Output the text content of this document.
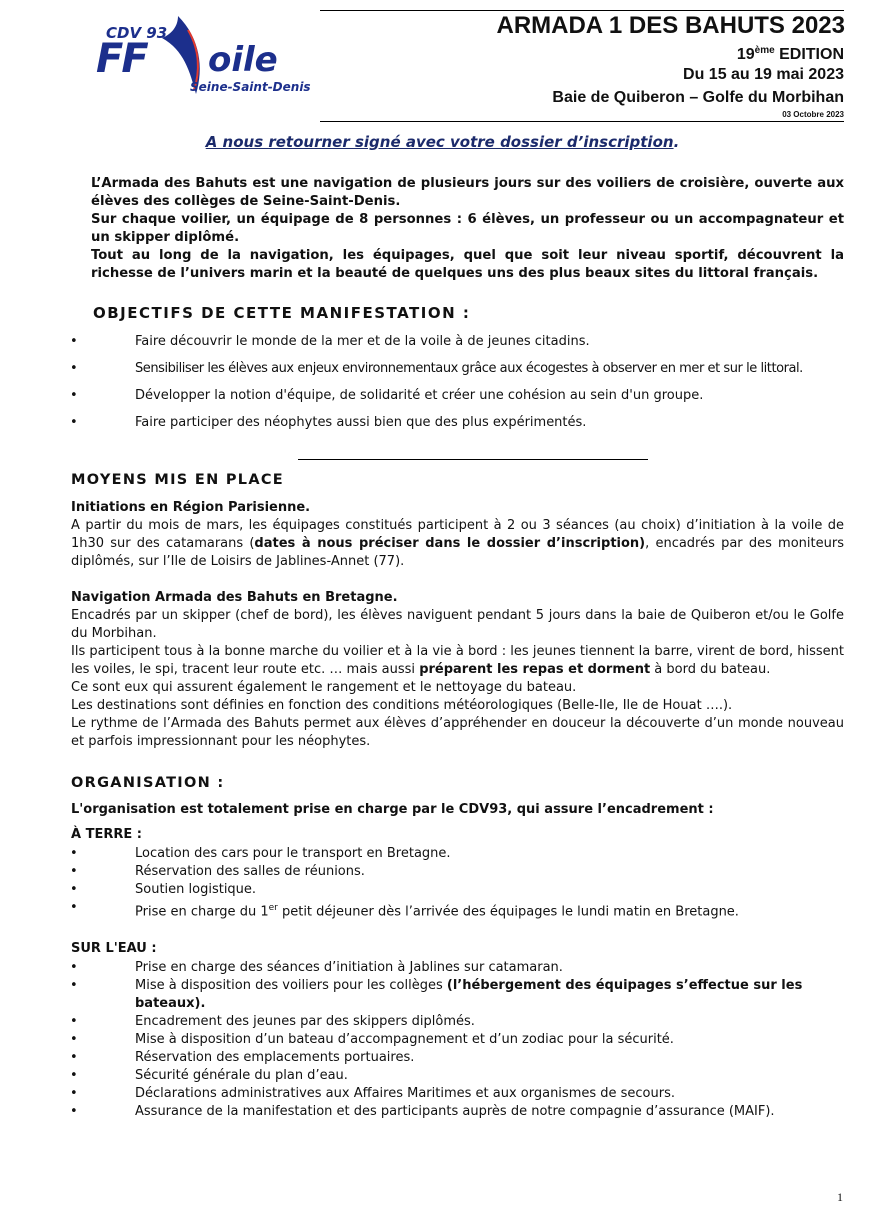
CDV 93
FF oile
Seine-Saint-Denis
ARMADA 1 DES BAHUTS 2023
19ème EDITION
Du 15 au 19 mai 2023
Baie de Quiberon – Golfe du Morbihan
03 Octobre 2023
A nous retourner signé avec votre dossier d’inscription.

L’Armada des Bahuts est une navigation de plusieurs jours sur des voiliers de croisière, ouverte aux élèves des collèges de Seine-Saint-Denis.

Sur chaque voilier, un équipage de 8 personnes : 6 élèves, un professeur ou un accompagnateur et un skipper diplômé.

Tout au long de la navigation, les équipages, quel que soit leur niveau sportif, découvrent la richesse de l’univers marin et la beauté de quelques uns des plus beaux sites du littoral français.

OBJECTIFS DE CETTE MANIFESTATION :
• Faire découvrir le monde de la mer et de la voile à de jeunes citadins.
• Sensibiliser les élèves aux enjeux environnementaux grâce aux écogestes à observer en mer et sur le littoral.
• Développer la notion d'équipe, de solidarité et créer une cohésion au sein d'un groupe.
• Faire participer des néophytes aussi bien que des plus expérimentés.
MOYENS MIS EN PLACE

Initiations en Région Parisienne.

A partir du mois de mars, les équipages constitués participent à 2 ou 3 séances (au choix) d’initiation à la voile de 1h30 sur des catamarans (dates à nous préciser dans le dossier d’inscription), encadrés par des moniteurs diplômés, sur l’Ile de Loisirs de Jablines-Annet (77).

Navigation Armada des Bahuts en Bretagne.

Encadrés par un skipper (chef de bord), les élèves naviguent pendant 5 jours dans la baie de Quiberon et/ou le Golfe du Morbihan.

Ils participent tous à la bonne marche du voilier et à la vie à bord : les jeunes tiennent la barre, virent de bord, hissent les voiles, le spi, tracent leur route etc. … mais aussi préparent les repas et dorment à bord du bateau.

Ce sont eux qui assurent également le rangement et le nettoyage du bateau.

Les destinations sont définies en fonction des conditions météorologiques (Belle-Ile, Ile de Houat ….).

Le rythme de l’Armada des Bahuts permet aux élèves d’appréhender en douceur la découverte d’un monde nouveau et parfois impressionnant pour les néophytes.

ORGANISATION :
L'organisation est totalement prise en charge par le CDV93, qui assure l’encadrement :
À TERRE :
• Location des cars pour le transport en Bretagne.
• Réservation des salles de réunions.
• Soutien logistique.
• Prise en charge du 1er petit déjeuner dès l’arrivée des équipages le lundi matin en Bretagne.
SUR L'EAU :
• Prise en charge des séances d’initiation à Jablines sur catamaran.
• Mise à disposition des voiliers pour les collèges (l’hébergement des équipages s’effectue sur les bateaux).
• Encadrement des jeunes par des skippers diplômés.
• Mise à disposition d’un bateau d’accompagnement et d’un zodiac pour la sécurité.
• Réservation des emplacements portuaires.
• Sécurité générale du plan d’eau.
• Déclarations administratives aux Affaires Maritimes et aux organismes de secours.
• Assurance de la manifestation et des participants auprès de notre compagnie d’assurance (MAIF).
1
